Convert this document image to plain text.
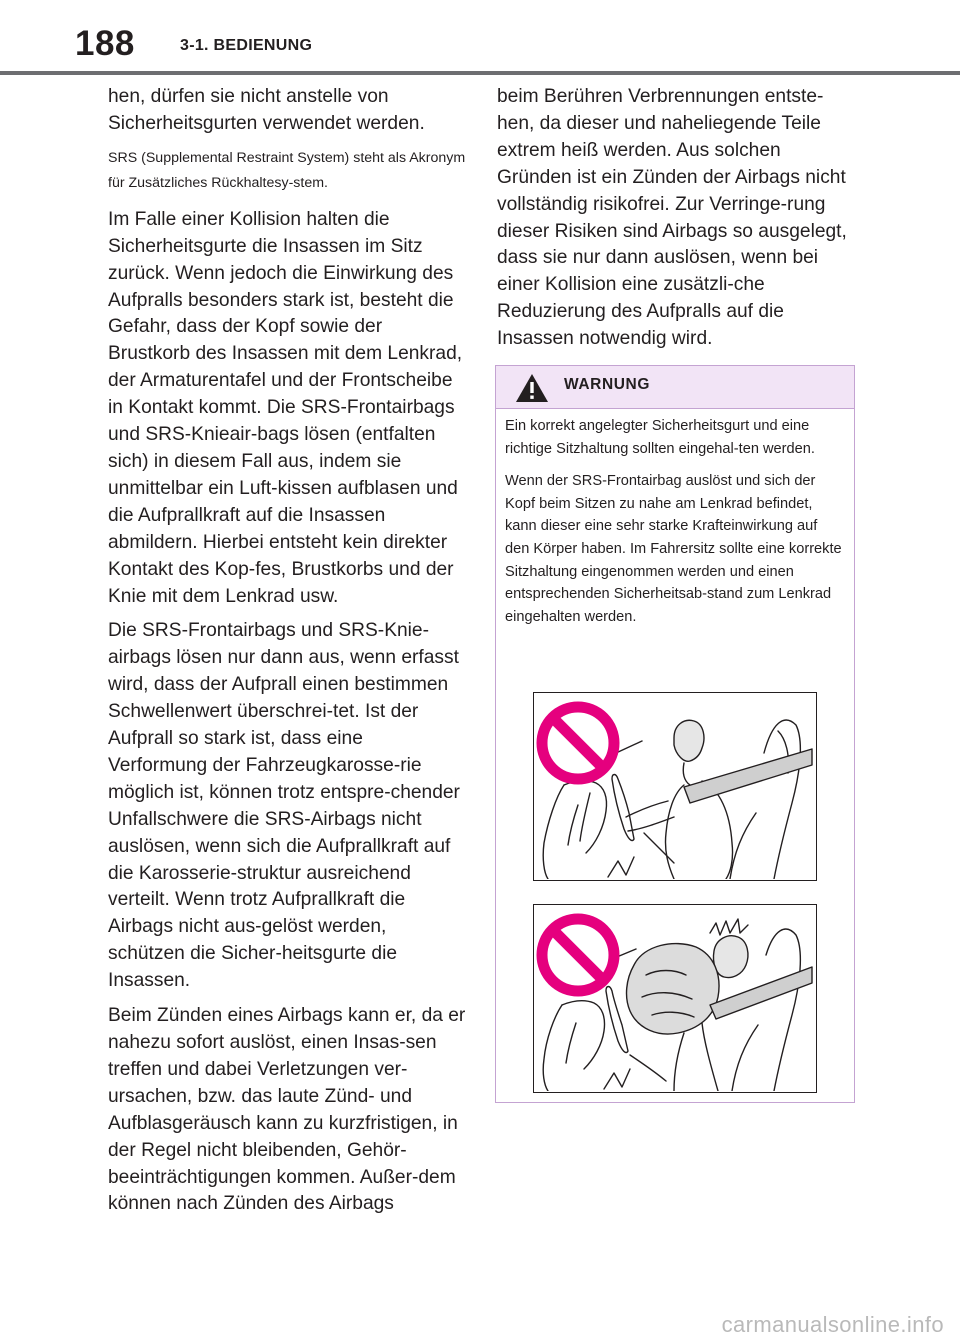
188	3-1. BEDIENUNG

hen, dürfen sie nicht anstelle von Sicherheitsgurten verwendet werden.

SRS (Supplemental Restraint System) steht als Akronym für Zusätzliches Rückhaltesy-stem.

Im Falle einer Kollision halten die Sicherheitsgurte die Insassen im Sitz zurück. Wenn jedoch die Einwirkung des Aufpralls besonders stark ist, besteht die Gefahr, dass der Kopf sowie der Brustkorb des Insassen mit dem Lenkrad, der Armaturentafel und der Frontscheibe in Kontakt kommt. Die SRS-Frontairbags und SRS-Knieair-bags lösen (entfalten sich) in diesem Fall aus, indem sie unmittelbar ein Luft-kissen aufblasen und die Aufprallkraft auf die Insassen abmildern. Hierbei entsteht kein direkter Kontakt des Kop-fes, Brustkorbs und der Knie mit dem Lenkrad usw.

Die SRS-Frontairbags und SRS-Knie-airbags lösen nur dann aus, wenn erfasst wird, dass der Aufprall einen bestimmen Schwellenwert überschrei-tet. Ist der Aufprall so stark ist, dass eine Verformung der Fahrzeugkarosse-rie möglich ist, können trotz entspre-chender Unfallschwere die SRS-Airbags nicht auslösen, wenn sich die Aufprallkraft auf die Karosserie-struktur ausreichend verteilt. Wenn trotz Aufprallkraft die Airbags nicht aus-gelöst werden, schützen die Sicher-heitsgurte die Insassen.

Beim Zünden eines Airbags kann er, da er nahezu sofort auslöst, einen Insas-sen treffen und dabei Verletzungen ver-ursachen, bzw. das laute Zünd- und Aufblasgeräusch kann zu kurzfristigen, in der Regel nicht bleibenden, Gehör-beeinträchtigungen kommen. Außer-dem können nach Zünden des Airbags

beim Berühren Verbrennungen entste-hen, da dieser und naheliegende Teile extrem heiß werden. Aus solchen Gründen ist ein Zünden der Airbags nicht vollständig risikofrei. Zur Verringe-rung dieser Risiken sind Airbags so ausgelegt, dass sie nur dann auslösen, wenn bei einer Kollision eine zusätzli-che Reduzierung des Aufpralls auf die Insassen notwendig wird.

WARNUNG

Ein korrekt angelegter Sicherheitsgurt und eine richtige Sitzhaltung sollten eingehal-ten werden.

Wenn der SRS-Frontairbag auslöst und sich der Kopf beim Sitzen zu nahe am Lenkrad befindet, kann dieser eine sehr starke Krafteinwirkung auf den Körper haben. Im Fahrersitz sollte eine korrekte Sitzhaltung eingenommen werden und einen entsprechenden Sicherheitsab-stand zum Lenkrad eingehalten werden.

carmanualsonline.info
